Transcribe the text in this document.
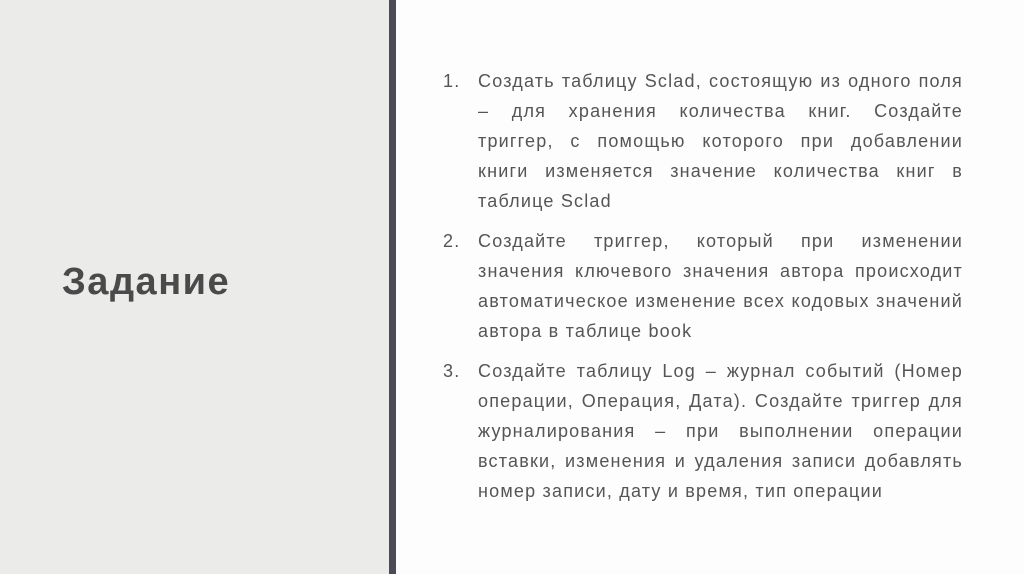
Задание
1. Создать таблицу Sclad, состоящую из одного поля – для хранения количества книг. Создайте триггер, с помощью которого при добавлении книги изменяется значение количества книг в таблице Sclad
2. Создайте триггер, который при изменении значения ключевого значения автора происходит автоматическое изменение всех кодовых значений автора в таблице book
3. Создайте таблицу Log – журнал событий (Номер операции, Операция, Дата). Создайте триггер для журналирования – при выполнении операции вставки, изменения и удаления записи добавлять номер записи, дату и время, тип операции
